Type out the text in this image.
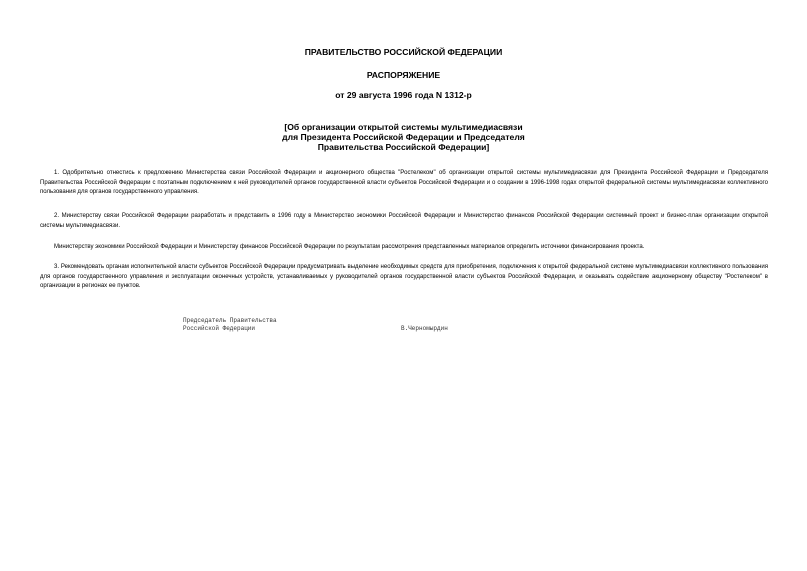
ПРАВИТЕЛЬСТВО РОССИЙСКОЙ ФЕДЕРАЦИИ
РАСПОРЯЖЕНИЕ
от 29 августа 1996 года N 1312-р
[Об организации открытой системы мультимедиасвязи
для Президента Российской Федерации и Председателя
Правительства Российской Федерации]

1. Одобрительно отнестись к предложению Министерства связи Российской Федерации и акционерного общества "Ростелеком" об организации открытой системы мультимедиасвязи для Президента Российской Федерации и Председателя Правительства Российской Федерации с поэтапным подключением к ней руководителей органов государственной власти субъектов Российской Федерации и о создании в 1996-1998 годах открытой федеральной системы мультимедиасвязи коллективного пользования для органов государственного управления.

2. Министерству связи Российской Федерации разработать и представить в 1996 году в Министерство экономики Российской Федерации и Министерство финансов Российской Федерации системный проект и бизнес-план организации открытой системы мультимедиасвязи.

Министерству экономики Российской Федерации и Министерству финансов Российской Федерации по результатам рассмотрения представленных материалов определить источники финансирования проекта.

3. Рекомендовать органам исполнительной власти субъектов Российской Федерации предусматривать выделение необходимых средств для приобретения, подключения к открытой федеральной системе мультимедиасвязи коллективного пользования для органов государственного управления и эксплуатации оконечных устройств, устанавливаемых у руководителей органов государственной власти субъектов Российской Федерации, и оказывать содействие акционерному обществу "Ростелеком" в организации в регионах ее пунктов.

Председатель Правительства
Российской Федерации	В.Черномырдин
